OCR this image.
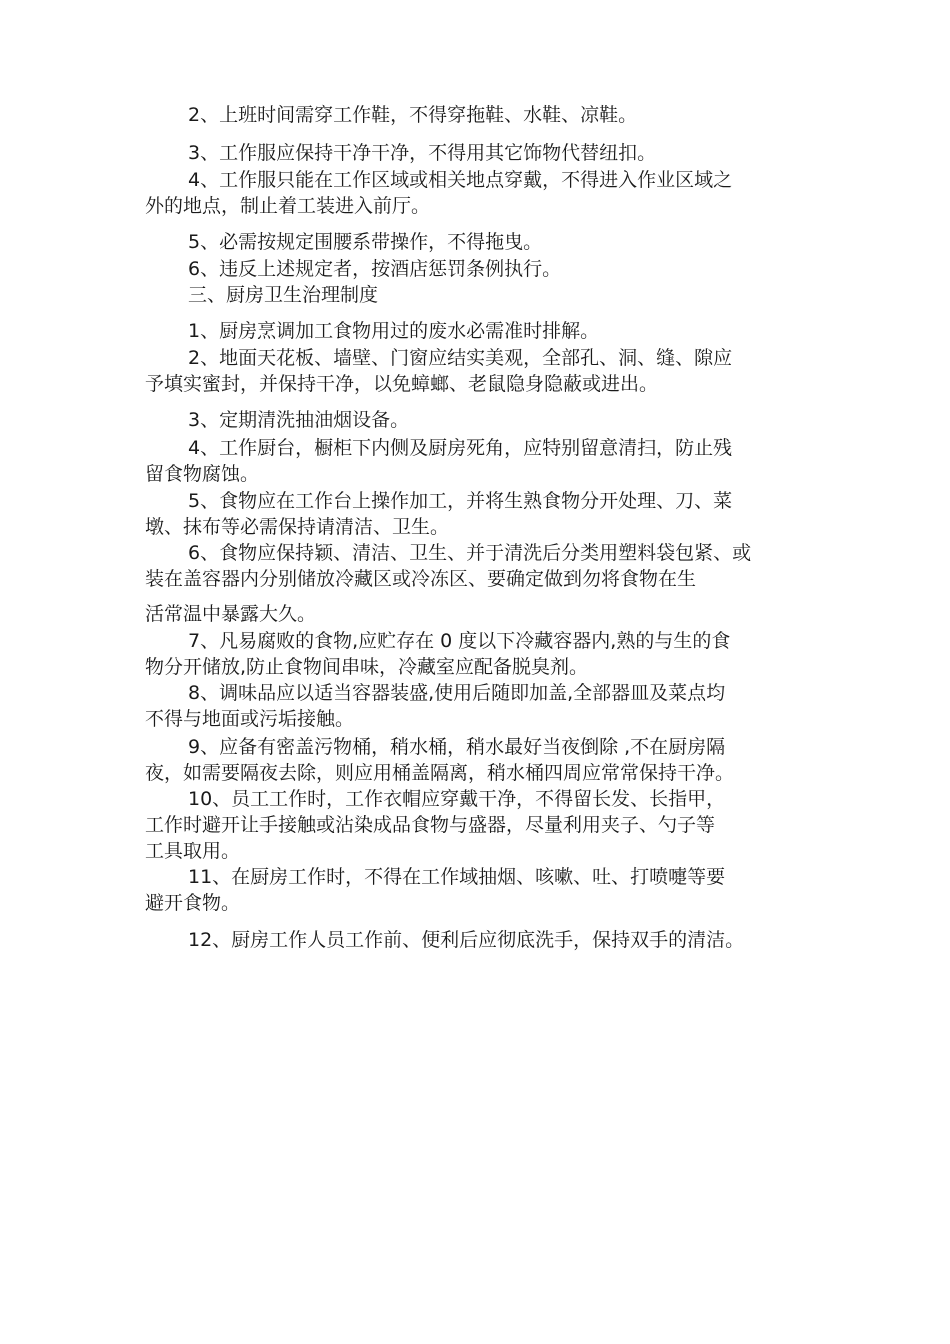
2、上班时间需穿工作鞋，不得穿拖鞋、水鞋、凉鞋。

3、工作服应保持干净干净，不得用其它饰物代替纽扣。

4、工作服只能在工作区域或相关地点穿戴，不得进入作业区域之
外的地点，制止着工装进入前厅。

5、必需按规定围腰系带操作，不得拖曳。

6、违反上述规定者，按酒店惩罚条例执行。

三、厨房卫生治理制度

1、厨房烹调加工食物用过的废水必需准时排解。

2、地面天花板、墙壁、门窗应结实美观，全部孔、洞、缝、隙应
予填实蜜封，并保持干净，以免蟑螂、老鼠隐身隐蔽或进出。

3、定期清洗抽油烟设备。

4、工作厨台，橱柜下内侧及厨房死角，应特别留意清扫，防止残
留食物腐蚀。

5、食物应在工作台上操作加工，并将生熟食物分开处理、刀、菜
墩、抹布等必需保持请清洁、卫生。

6、食物应保持颖、清洁、卫生、并于清洗后分类用塑料袋包紧、或
装在盖容器内分别储放冷藏区或冷冻区、要确定做到勿将食物在生

活常温中暴露大久。

7、凡易腐败的食物,应贮存在 0 度以下冷藏容器内,熟的与生的食
物分开储放,防止食物间串味，冷藏室应配备脱臭剂。

8、调味品应以适当容器装盛,使用后随即加盖,全部器皿及菜点均
不得与地面或污垢接触。

9、应备有密盖污物桶，稍水桶，稍水最好当夜倒除 ,不在厨房隔
夜，如需要隔夜去除，则应用桶盖隔离，稍水桶四周应常常保持干净。

10、员工工作时，工作衣帽应穿戴干净，不得留长发、长指甲，
工作时避开让手接触或沾染成品食物与盛器，尽量利用夹子、勺子等
工具取用。

11、在厨房工作时，不得在工作域抽烟、咳嗽、吐、打喷嚏等要
避开食物。

12、厨房工作人员工作前、便利后应彻底洗手，保持双手的清洁。
